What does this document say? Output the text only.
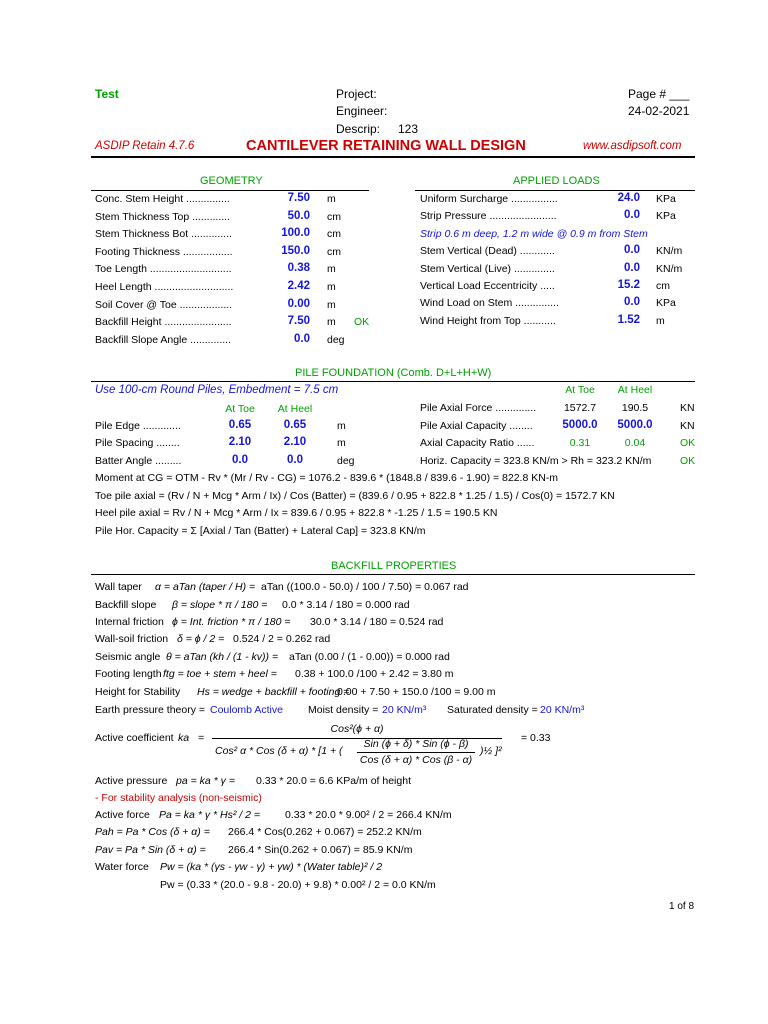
Test	Project:
Engineer:
Descrip: 123
Page # ___
24-02-2021
ASDIP Retain 4.7.6	CANTILEVER RETAINING WALL DESIGN	www.asdipsoft.com
GEOMETRY
Conc. Stem Height ...............	7.50 m
Stem Thickness Top .............	50.0 cm
Stem Thickness Bot ..............	100.0 cm
Footing Thickness .................	150.0 cm
Toe Length ............................	0.38 m
Heel Length ...........................	2.42 m
Soil Cover @ Toe ..................	0.00 m
Backfill Height .......................	7.50 m OK
Backfill Slope Angle ..............	0.0 deg
APPLIED LOADS
Uniform Surcharge ................	24.0 KPa
Strip Pressure .......................	0.0 KPa
Strip 0.6 m deep, 1.2 m wide @ 0.9 m from Stem
Stem Vertical (Dead) ............	0.0 KN/m
Stem Vertical (Live) ..............	0.0 KN/m
Vertical Load Eccentricity .....	15.2 cm
Wind Load on Stem ...............	0.0 KPa
Wind Height from Top ...........	1.52 m
PILE FOUNDATION (Comb. D+L+H+W)
Use 100-cm Round Piles, Embedment = 7.5 cm
At Toe	At Heel
At Toe	At Heel
Pile Edge .............	0.65	0.65	m
Pile Spacing ........	2.10	2.10	m
Batter Angle .........	0.0	0.0	deg
Pile Axial Force ..............	1572.7	190.5	KN
Pile Axial Capacity ........	5000.0	5000.0	KN
Axial Capacity Ratio ......	0.31	0.04	OK
Horiz. Capacity = 323.8 KN/m > Rh = 323.2 KN/m	OK
Moment at CG = OTM - Rv * (Mr / Rv - CG) = 1076.2 - 839.6 * (1848.8 / 839.6 - 1.90) = 822.8 KN-m
Toe pile axial = (Rv / N + Mcg * Arm / Ix) / Cos (Batter) = (839.6 / 0.95 + 822.8 * 1.25 / 1.5) / Cos(0) = 1572.7 KN
Heel pile axial = Rv / N + Mcg * Arm / Ix = 839.6 / 0.95 + 822.8 * -1.25 / 1.5 = 190.5 KN
Pile Hor. Capacity = Σ [Axial / Tan (Batter) + Lateral Cap] = 323.8 KN/m
BACKFILL PROPERTIES
Wall taper α = aTan (taper / H) = aTan ((100.0 - 50.0) / 100 / 7.50) = 0.067 rad
Backfill slope β = slope * π / 180 = 0.0 * 3.14 / 180 = 0.000 rad
Internal friction ϕ = Int. friction * π / 180 = 30.0 * 3.14 / 180 = 0.524 rad
Wall-soil friction δ = ϕ / 2 = 0.524 / 2 = 0.262 rad
Seismic angle θ = aTan (kh / (1 - kv)) = aTan (0.00 / (1 - 0.00)) = 0.000 rad
Footing length ftg = toe + stem + heel = 0.38 + 100.0 /100 + 2.42 = 3.80 m
Height for Stability Hs = wedge + backfill + footing =
0.00 + 7.50 + 150.0 /100 = 9.00 m
Earth pressure theory = Coulomb Active Moist density = 20 KN/m³ Saturated density = 20 KN/m³
Active coefficient ka =
Cos²(ϕ + α)
Cos² α * Cos (δ + α) * [1 + (
Sin (ϕ + δ) * Sin (ϕ - β)
Cos (δ + α) * Cos (β - α)
)½ ]²
= 0.33
Active pressure pa = ka * γ = 0.33 * 20.0 = 6.6 KPa/m of height
- For stability analysis (non-seismic)
Active force Pa = ka * γ * Hs² / 2 = 0.33 * 20.0 * 9.00² / 2 = 266.4 KN/m
Pah = Pa * Cos (δ + α) = 266.4 * Cos(0.262 + 0.067) = 252.2 KN/m
Pav = Pa * Sin (δ + α) = 266.4 * Sin(0.262 + 0.067) = 85.9 KN/m
Water force Pw = (ka * (γs - γw - γ) + γw) * (Water table)² / 2
Pw = (0.33 * (20.0 - 9.8 - 20.0) + 9.8) * 0.00² / 2 = 0.0 KN/m
1 of 8
